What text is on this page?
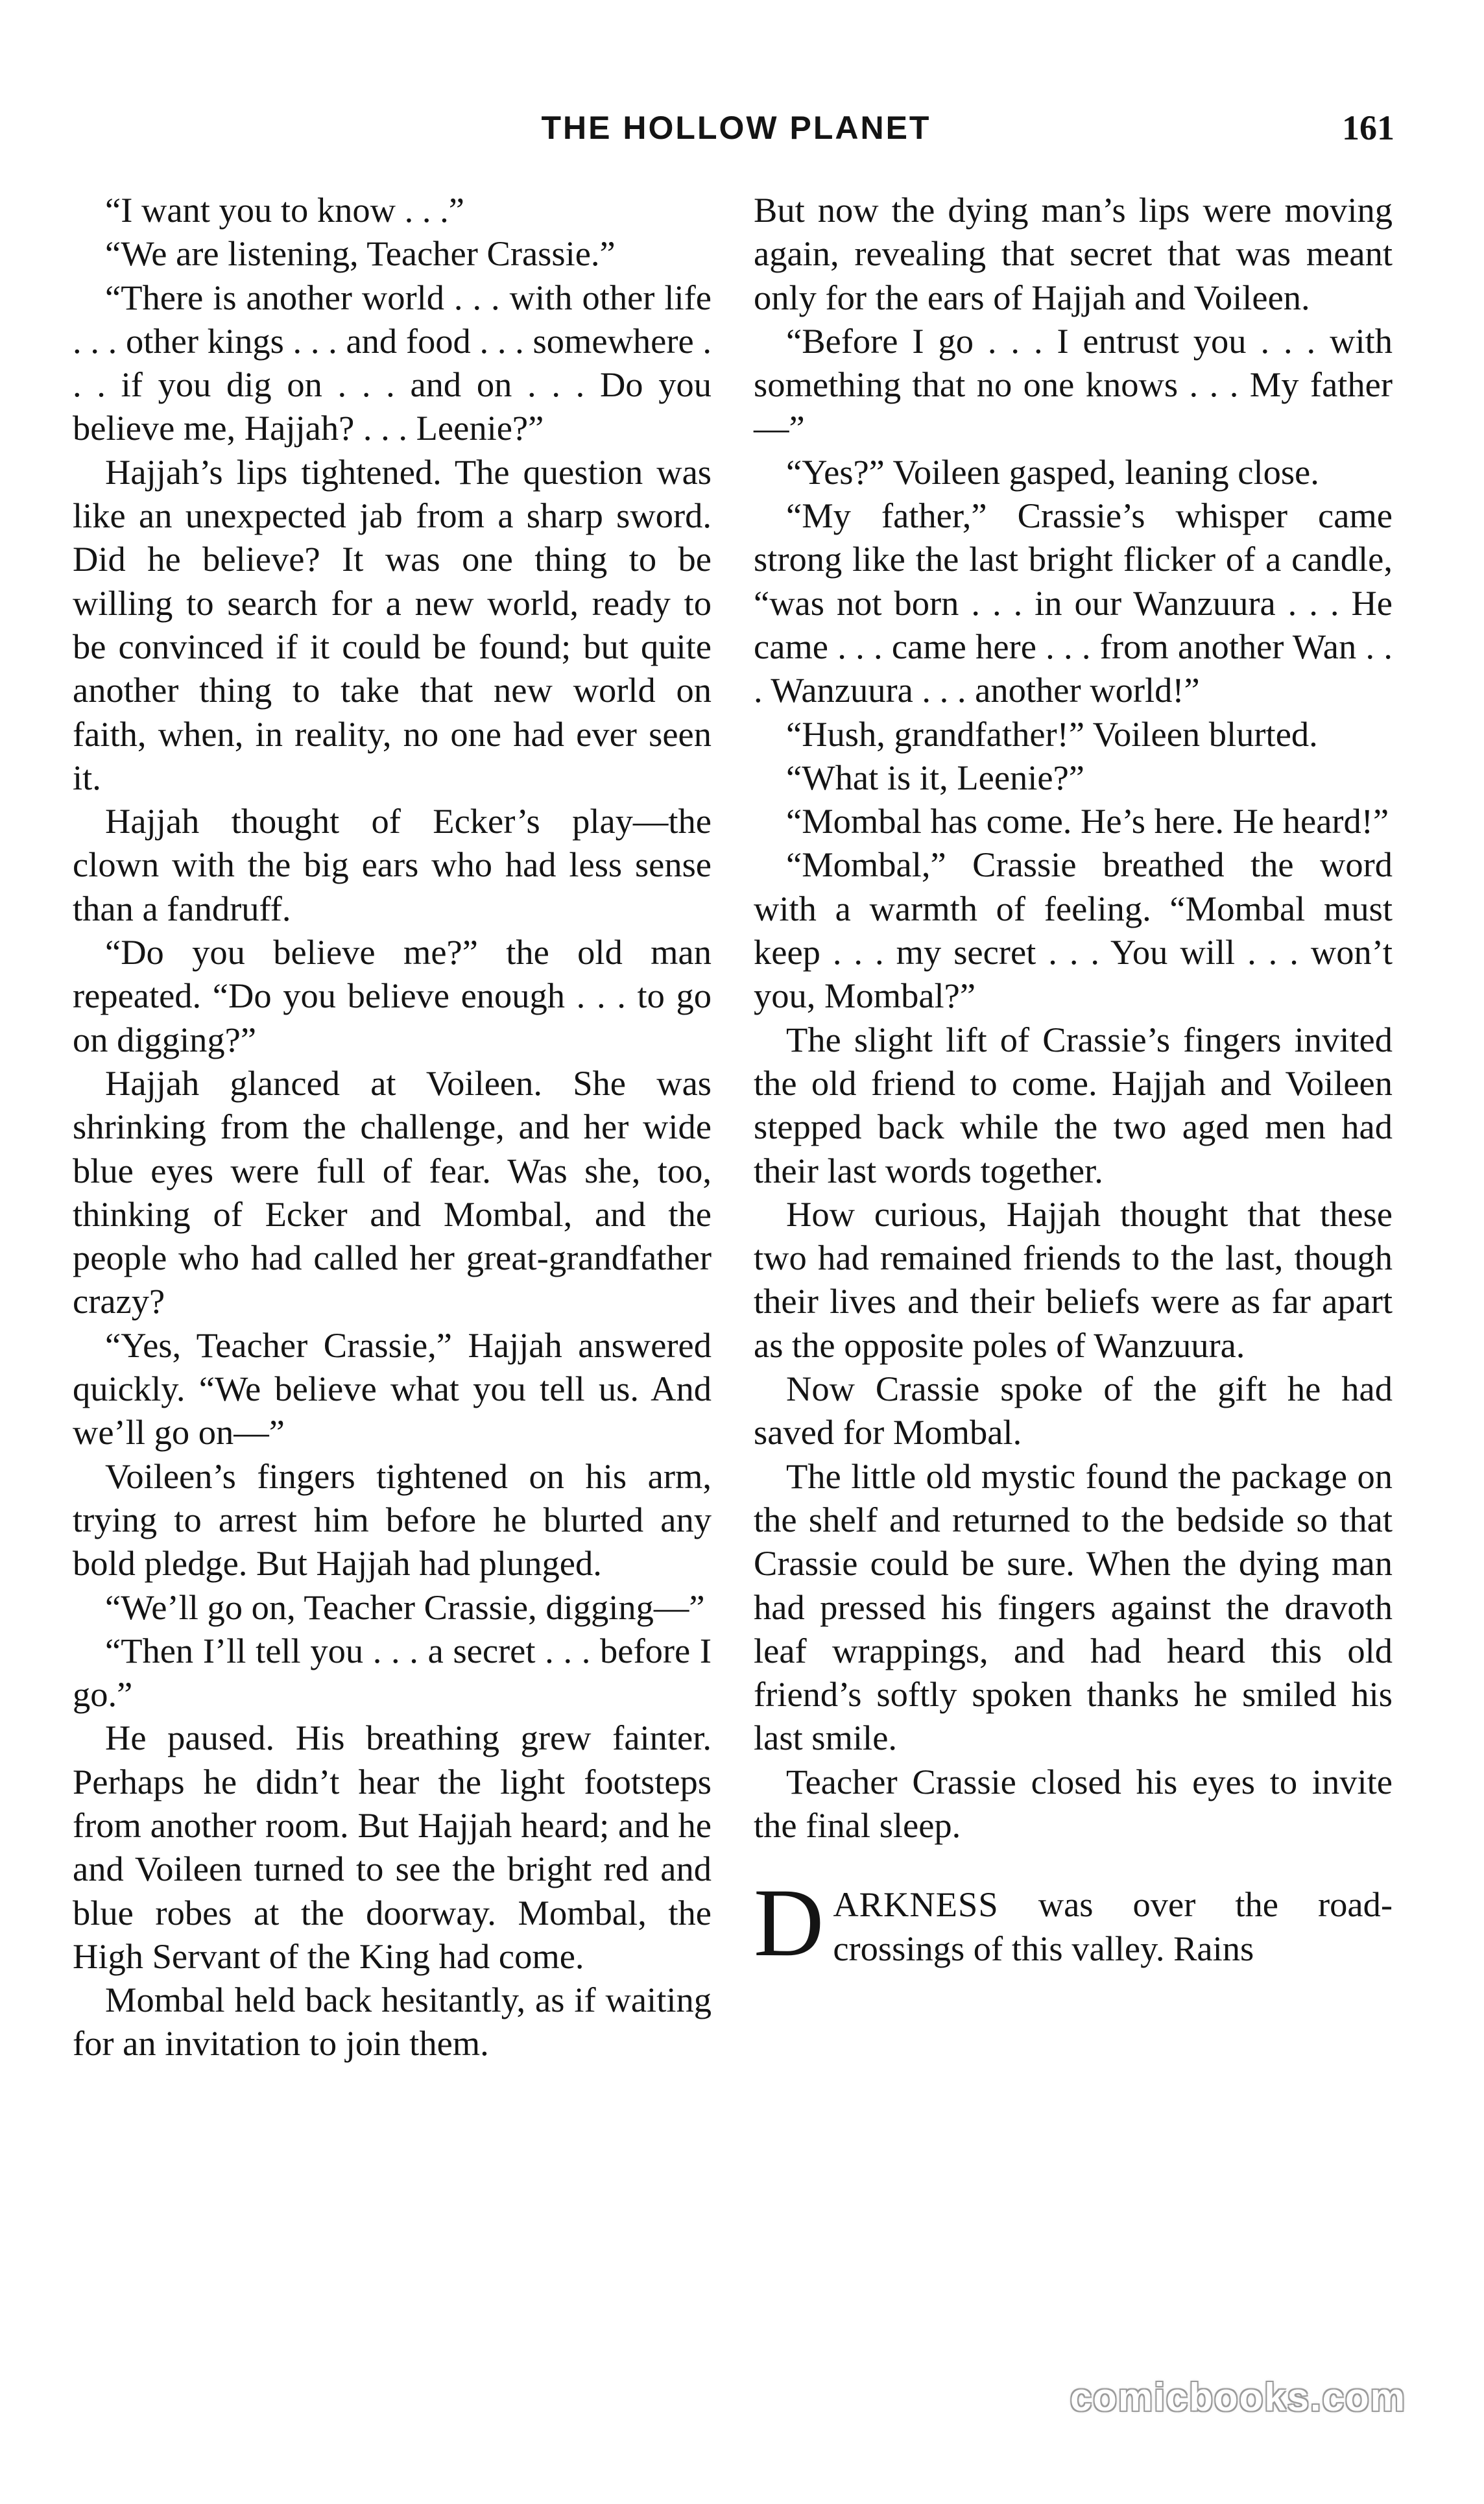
THE HOLLOW PLANET	161

“I want you to know . . .”

“We are listening, Teacher Crassie.”

“There is another world . . . with other life . . . other kings . . . and food . . . somewhere . . . if you dig on . . . and on . . . Do you believe me, Hajjah? . . . Leenie?”

Hajjah’s lips tightened. The question was like an unexpected jab from a sharp sword. Did he believe? It was one thing to be willing to search for a new world, ready to be convinced if it could be found; but quite another thing to take that new world on faith, when, in reality, no one had ever seen it.

Hajjah thought of Ecker’s play—the clown with the big ears who had less sense than a fandruff.

“Do you believe me?” the old man repeated. “Do you believe enough . . . to go on digging?”

Hajjah glanced at Voileen. She was shrinking from the challenge, and her wide blue eyes were full of fear. Was she, too, thinking of Ecker and Mombal, and the people who had called her great-grandfather crazy?

“Yes, Teacher Crassie,” Hajjah answered quickly. “We believe what you tell us. And we’ll go on—”

Voileen’s fingers tightened on his arm, trying to arrest him before he blurted any bold pledge. But Hajjah had plunged.

“We’ll go on, Teacher Crassie, digging—”

“Then I’ll tell you . . . a secret . . . before I go.”

He paused. His breathing grew fainter. Perhaps he didn’t hear the light footsteps from another room. But Hajjah heard; and he and Voileen turned to see the bright red and blue robes at the doorway. Mombal, the High Servant of the King had come.

Mombal held back hesitantly, as if waiting for an invitation to join them.

But now the dying man’s lips were moving again, revealing that secret that was meant only for the ears of Hajjah and Voileen.

“Before I go . . . I entrust you . . . with something that no one knows . . . My father—”

“Yes?” Voileen gasped, leaning close.

“My father,” Crassie’s whisper came strong like the last bright flicker of a candle, “was not born . . . in our Wanzuura . . . He came . . . came here . . . from another Wan . . . Wanzuura . . . another world!”

“Hush, grandfather!” Voileen blurted.

“What is it, Leenie?”

“Mombal has come. He’s here. He heard!”

“Mombal,” Crassie breathed the word with a warmth of feeling. “Mombal must keep . . . my secret . . . You will . . . won’t you, Mombal?”

The slight lift of Crassie’s fingers invited the old friend to come. Hajjah and Voileen stepped back while the two aged men had their last words together.

How curious, Hajjah thought that these two had remained friends to the last, though their lives and their beliefs were as far apart as the opposite poles of Wanzuura.

Now Crassie spoke of the gift he had saved for Mombal.

The little old mystic found the package on the shelf and returned to the bedside so that Crassie could be sure. When the dying man had pressed his fingers against the dravoth leaf wrappings, and had heard this old friend’s softly spoken thanks he smiled his last smile.

Teacher Crassie closed his eyes to invite the final sleep.

DARKNESS was over the road-crossings of this valley. Rains

comicbooks.com
